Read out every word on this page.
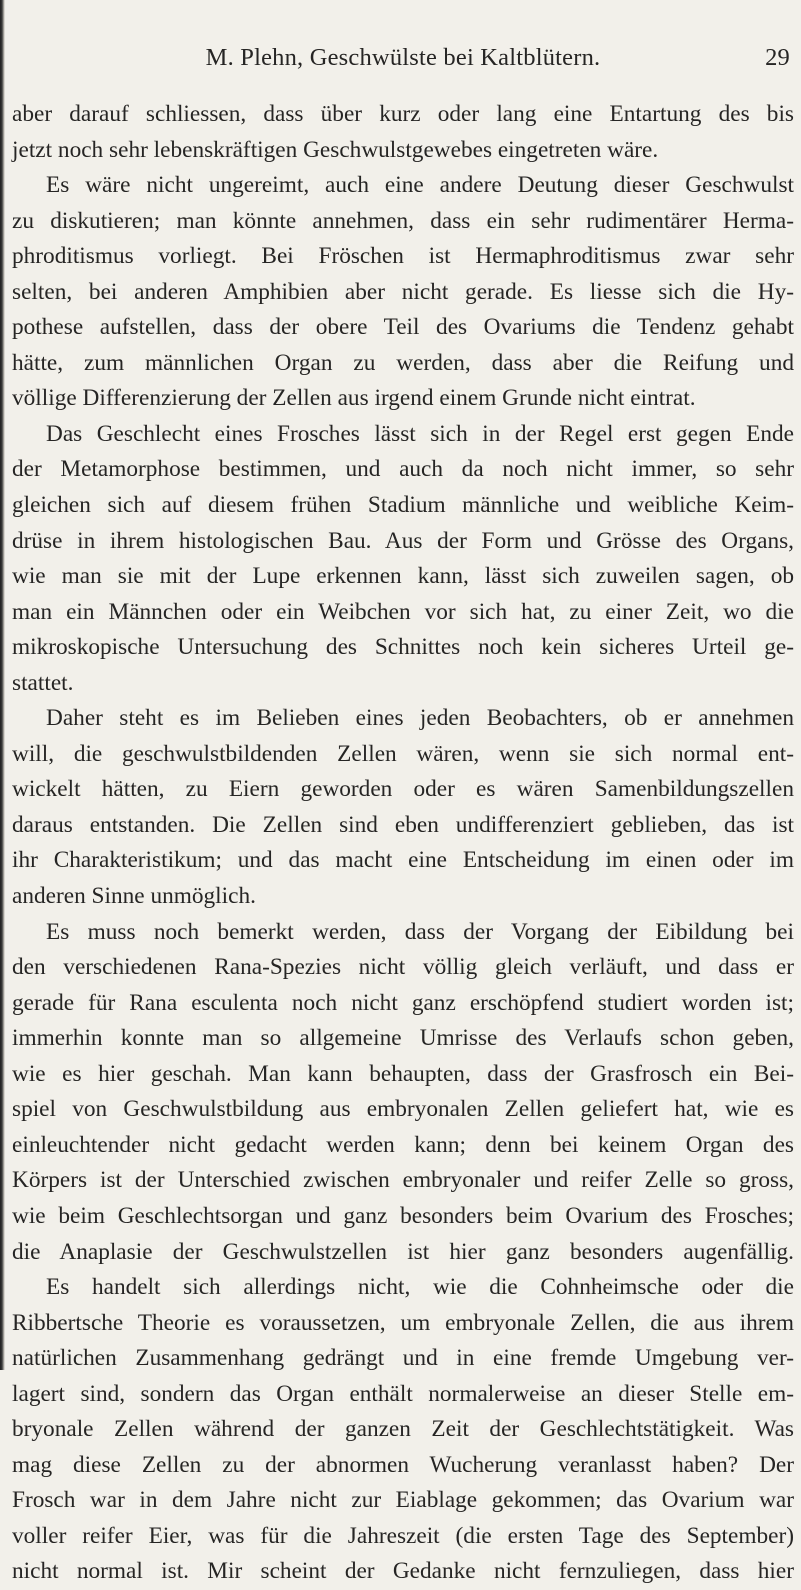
M. Plehn, Geschwülste bei Kaltblütern.	29
aber darauf schliessen, dass über kurz oder lang eine Entartung des bis
jetzt noch sehr lebenskräftigen Geschwulstgewebes eingetreten wäre.
Es wäre nicht ungereimt, auch eine andere Deutung dieser Geschwulst
zu diskutieren; man könnte annehmen, dass ein sehr rudimentärer Herma-
phroditismus vorliegt. Bei Fröschen ist Hermaphroditismus zwar sehr
selten, bei anderen Amphibien aber nicht gerade. Es liesse sich die Hy-
pothese aufstellen, dass der obere Teil des Ovariums die Tendenz gehabt
hätte, zum männlichen Organ zu werden, dass aber die Reifung und
völlige Differenzierung der Zellen aus irgend einem Grunde nicht eintrat.
Das Geschlecht eines Frosches lässt sich in der Regel erst gegen Ende
der Metamorphose bestimmen, und auch da noch nicht immer, so sehr
gleichen sich auf diesem frühen Stadium männliche und weibliche Keim-
drüse in ihrem histologischen Bau. Aus der Form und Grösse des Organs,
wie man sie mit der Lupe erkennen kann, lässt sich zuweilen sagen, ob
man ein Männchen oder ein Weibchen vor sich hat, zu einer Zeit, wo die
mikroskopische Untersuchung des Schnittes noch kein sicheres Urteil ge-
stattet.
Daher steht es im Belieben eines jeden Beobachters, ob er annehmen
will, die geschwulstbildenden Zellen wären, wenn sie sich normal ent-
wickelt hätten, zu Eiern geworden oder es wären Samenbildungszellen
daraus entstanden. Die Zellen sind eben undifferenziert geblieben, das ist
ihr Charakteristikum; und das macht eine Entscheidung im einen oder im
anderen Sinne unmöglich.
Es muss noch bemerkt werden, dass der Vorgang der Eibildung bei
den verschiedenen Rana-Spezies nicht völlig gleich verläuft, und dass er
gerade für Rana esculenta noch nicht ganz erschöpfend studiert worden ist;
immerhin konnte man so allgemeine Umrisse des Verlaufs schon geben,
wie es hier geschah. Man kann behaupten, dass der Grasfrosch ein Bei-
spiel von Geschwulstbildung aus embryonalen Zellen geliefert hat, wie es
einleuchtender nicht gedacht werden kann; denn bei keinem Organ des
Körpers ist der Unterschied zwischen embryonaler und reifer Zelle so gross,
wie beim Geschlechtsorgan und ganz besonders beim Ovarium des Frosches;
die Anaplasie der Geschwulstzellen ist hier ganz besonders augenfällig.
Es handelt sich allerdings nicht, wie die Cohnheimsche oder die
Ribbertsche Theorie es voraussetzen, um embryonale Zellen, die aus ihrem
natürlichen Zusammenhang gedrängt und in eine fremde Umgebung ver-
lagert sind, sondern das Organ enthält normalerweise an dieser Stelle em-
bryonale Zellen während der ganzen Zeit der Geschlechtstätigkeit. Was
mag diese Zellen zu der abnormen Wucherung veranlasst haben? Der
Frosch war in dem Jahre nicht zur Eiablage gekommen; das Ovarium war
voller reifer Eier, was für die Jahreszeit (die ersten Tage des September)
nicht normal ist. Mir scheint der Gedanke nicht fernzuliegen, dass hier
